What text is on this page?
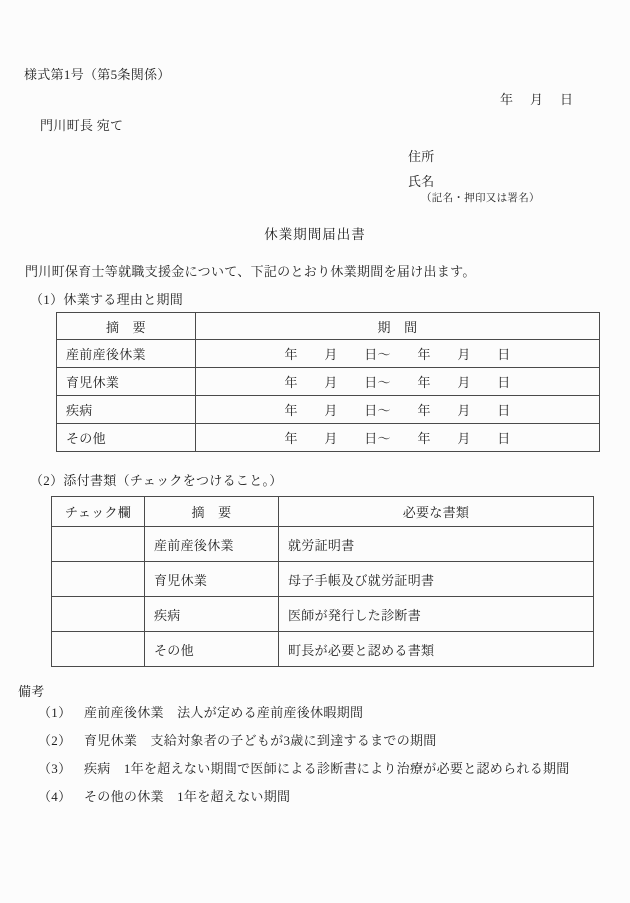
様式第1号（第5条関係）
年　月　日
門川町長 宛て
住所
氏名
（記名・押印又は署名）
休業期間届出書
門川町保育士等就職支援金について、下記のとおり休業期間を届け出ます。
（1）休業する理由と期間
摘　要	期　間
産前産後休業	年　　月　　日～　　年　　月　　日
育児休業	年　　月　　日～　　年　　月　　日
疾病	年　　月　　日～　　年　　月　　日
その他	年　　月　　日～　　年　　月　　日
（2）添付書類（チェックをつけること。）
チェック欄	摘　要	必要な書類
	産前産後休業	就労証明書
	育児休業	母子手帳及び就労証明書
	疾病	医師が発行した診断書
	その他	町長が必要と認める書類
備考
（1） 産前産後休業　法人が定める産前産後休暇期間
（2） 育児休業　支給対象者の子どもが3歳に到達するまでの期間
（3） 疾病　1年を超えない期間で医師による診断書により治療が必要と認められる期間
（4） その他の休業　1年を超えない期間
